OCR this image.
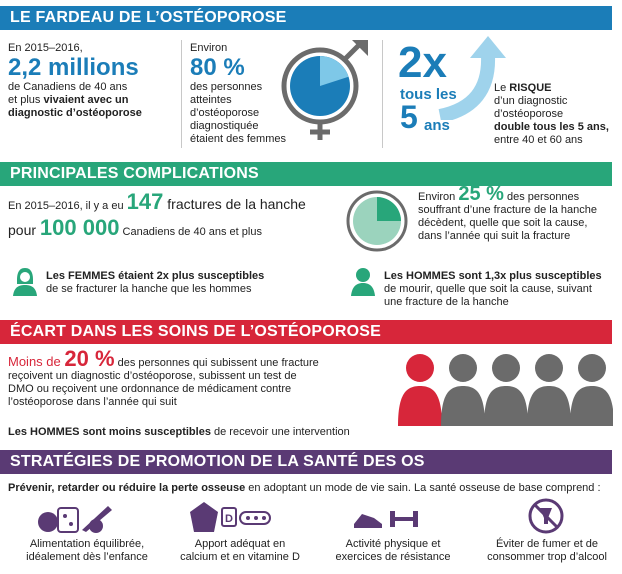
LE FARDEAU DE L’OSTÉOPOROSE
En 2015–2016,
2,2 millions
de Canadiens de 40 ans
et plus vivaient avec un
diagnostic d’ostéoporose
Environ
80 %
des personnes
atteintes
d’ostéoporose
diagnostiquée
étaient des femmes
2x
tous les
5 ans
Le RISQUE
d’un diagnostic
d’ostéoporose
double tous les 5 ans,
entre 40 et 60 ans
PRINCIPALES COMPLICATIONS
En 2015–2016, il y a eu 147 fractures de la hanche
pour 100 000 Canadiens de 40 ans et plus
Environ 25 % des personnes
souffrant d’une fracture de la hanche
décèdent, quelle que soit la cause,
dans l’année qui suit la fracture
Les FEMMES étaient 2x plus susceptibles
de se fracturer la hanche que les hommes
Les HOMMES sont 1,3x plus susceptibles
de mourir, quelle que soit la cause, suivant
une fracture de la hanche
ÉCART DANS LES SOINS DE L’OSTÉOPOROSE
Moins de 20 % des personnes qui subissent une fracture
reçoivent un diagnostic d’ostéoporose, subissent un test de
DMO ou reçoivent une ordonnance de médicament contre
l’ostéoporose dans l’année qui suit
Les HOMMES sont moins susceptibles de recevoir une intervention
STRATÉGIES DE PROMOTION DE LA SANTÉ DES OS
Prévenir, retarder ou réduire la perte osseuse en adoptant un mode de vie sain. La santé osseuse de base comprend :
D
Alimentation équilibrée,
idéalement dès l’enfance
Apport adéquat en
calcium et en vitamine D
Activité physique et
exercices de résistance
Éviter de fumer et de
consommer trop d’alcool
